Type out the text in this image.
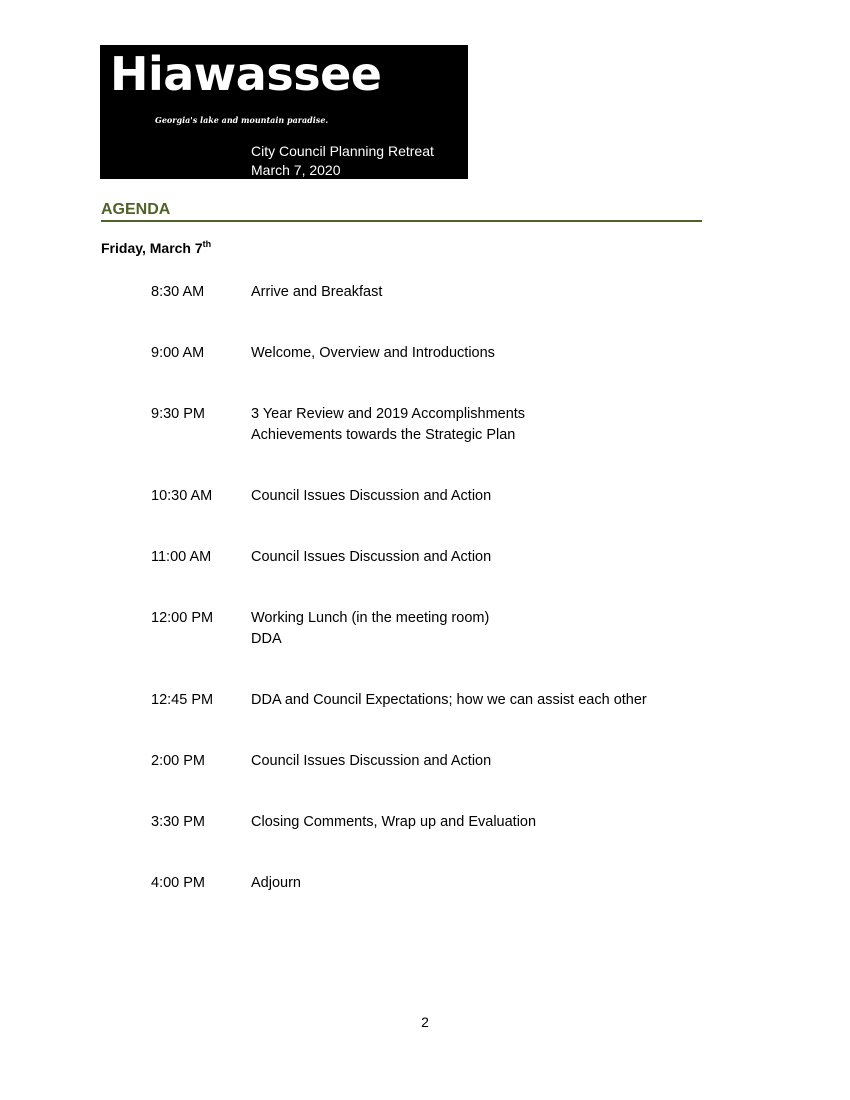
Hiawassee
Georgia's lake and mountain paradise.
City Council Planning Retreat
March 7, 2020
AGENDA
Friday, March 7th
8:30 AM	Arrive and Breakfast
9:00 AM	Welcome, Overview and Introductions
9:30 PM	3 Year Review and 2019 Accomplishments
Achievements towards the Strategic Plan
10:30 AM	Council Issues Discussion and Action
11:00 AM	Council Issues Discussion and Action
12:00 PM	Working Lunch (in the meeting room)
DDA
12:45 PM	DDA and Council Expectations; how we can assist each other
2:00 PM	Council Issues Discussion and Action
3:30 PM	Closing Comments, Wrap up and Evaluation
4:00 PM	Adjourn
2
